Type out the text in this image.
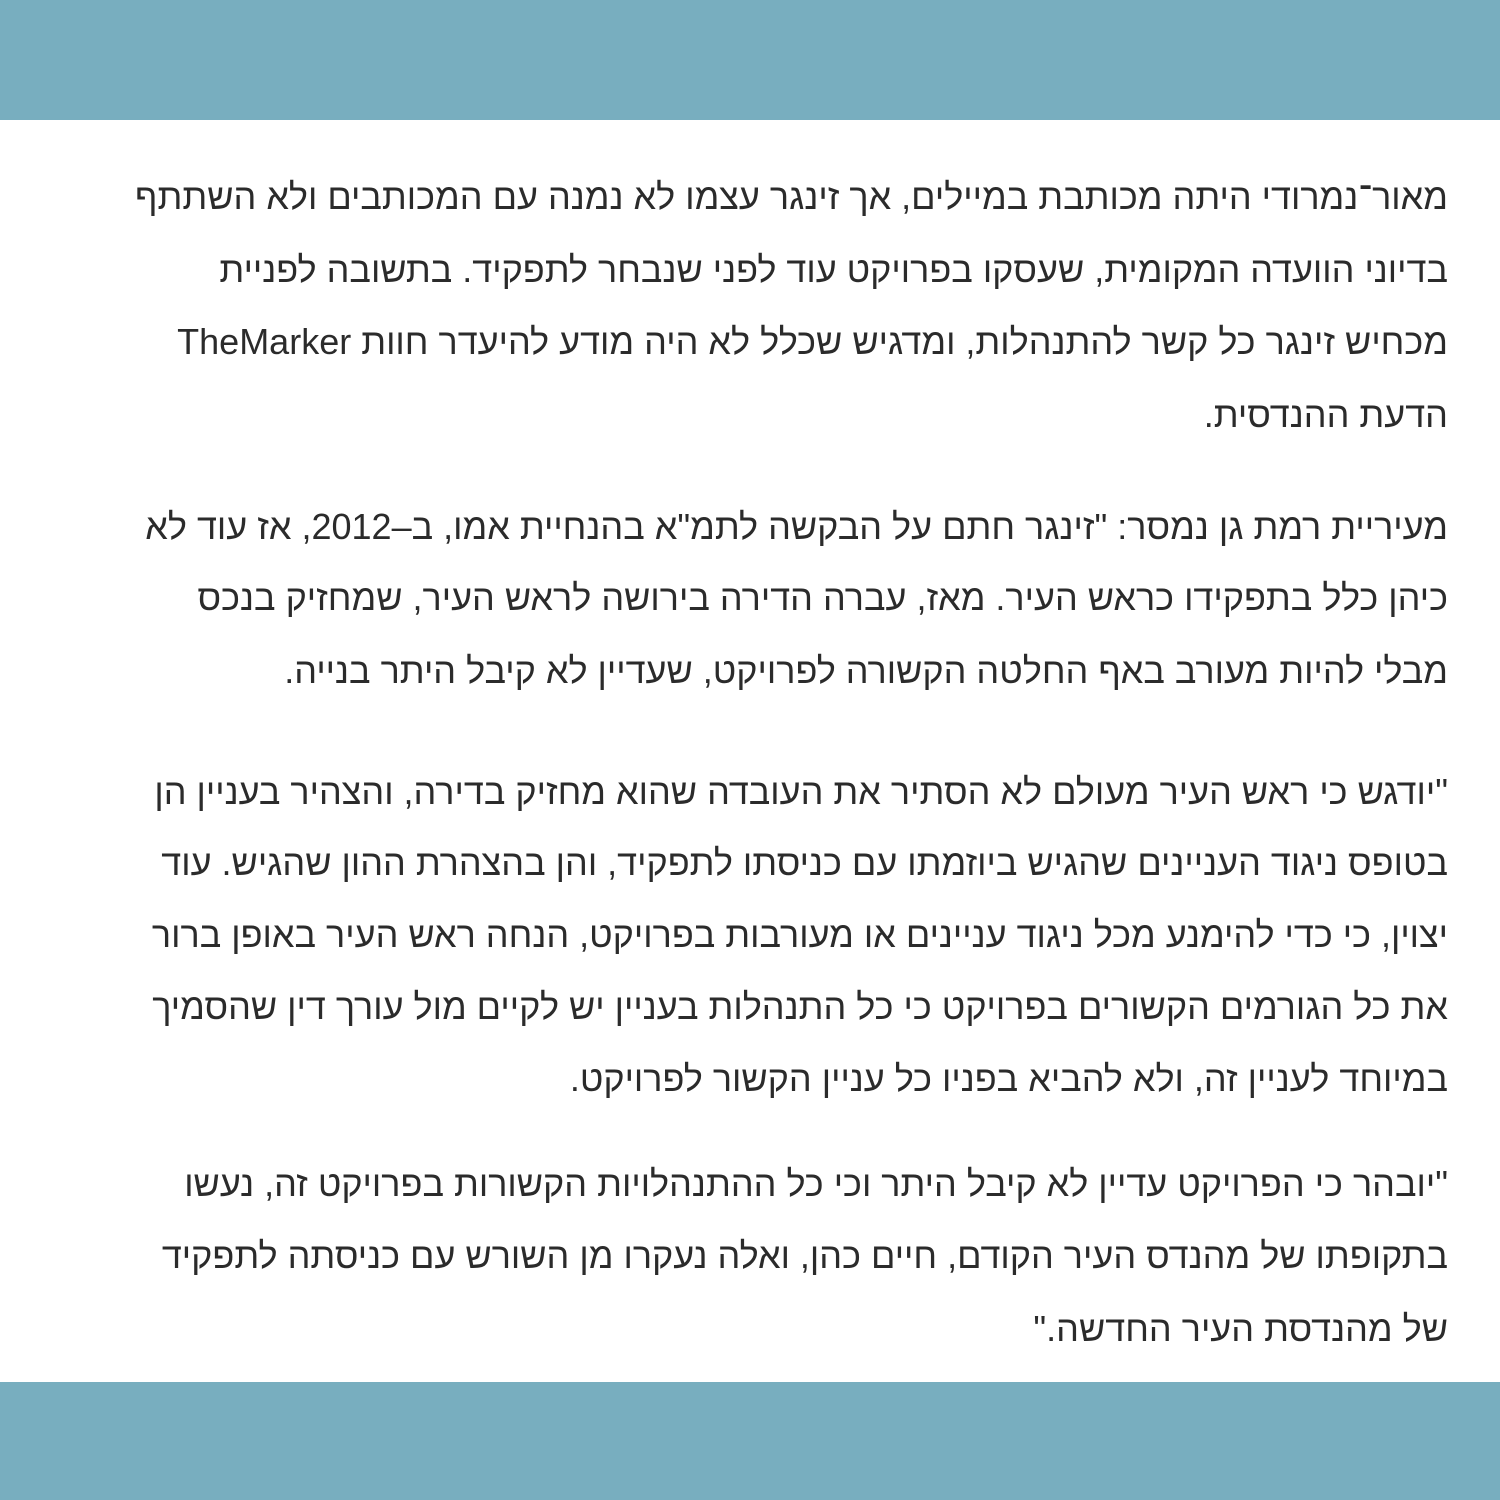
מאור־נמרודי היתה מכותבת במיילים, אך זינגר עצמו לא נמנה עם המכותבים ולא השתתף
בדיוני הוועדה המקומית, שעסקו בפרויקט עוד לפני שנבחר לתפקיד. בתשובה לפניית
TheMarker מכחיש זינגר כל קשר להתנהלות, ומדגיש שכלל לא היה מודע להיעדר חוות
הדעת ההנדסית.
מעיריית רמת גן נמסר: "זינגר חתם על הבקשה לתמ"א בהנחיית אמו, ב–2012, אז עוד לא
כיהן כלל בתפקידו כראש העיר. מאז, עברה הדירה בירושה לראש העיר, שמחזיק בנכס
מבלי להיות מעורב באף החלטה הקשורה לפרויקט, שעדיין לא קיבל היתר בנייה.
"יודגש כי ראש העיר מעולם לא הסתיר את העובדה שהוא מחזיק בדירה, והצהיר בעניין הן
בטופס ניגוד העניינים שהגיש ביוזמתו עם כניסתו לתפקיד, והן בהצהרת ההון שהגיש. עוד
יצוין, כי כדי להימנע מכל ניגוד עניינים או מעורבות בפרויקט, הנחה ראש העיר באופן ברור
את כל הגורמים הקשורים בפרויקט כי כל התנהלות בעניין יש לקיים מול עורך דין שהסמיך
במיוחד לעניין זה, ולא להביא בפניו כל עניין הקשור לפרויקט.
"יובהר כי הפרויקט עדיין לא קיבל היתר וכי כל ההתנהלויות הקשורות בפרויקט זה, נעשו
בתקופתו של מהנדס העיר הקודם, חיים כהן, ואלה נעקרו מן השורש עם כניסתה לתפקיד
של מהנדסת העיר החדשה."
